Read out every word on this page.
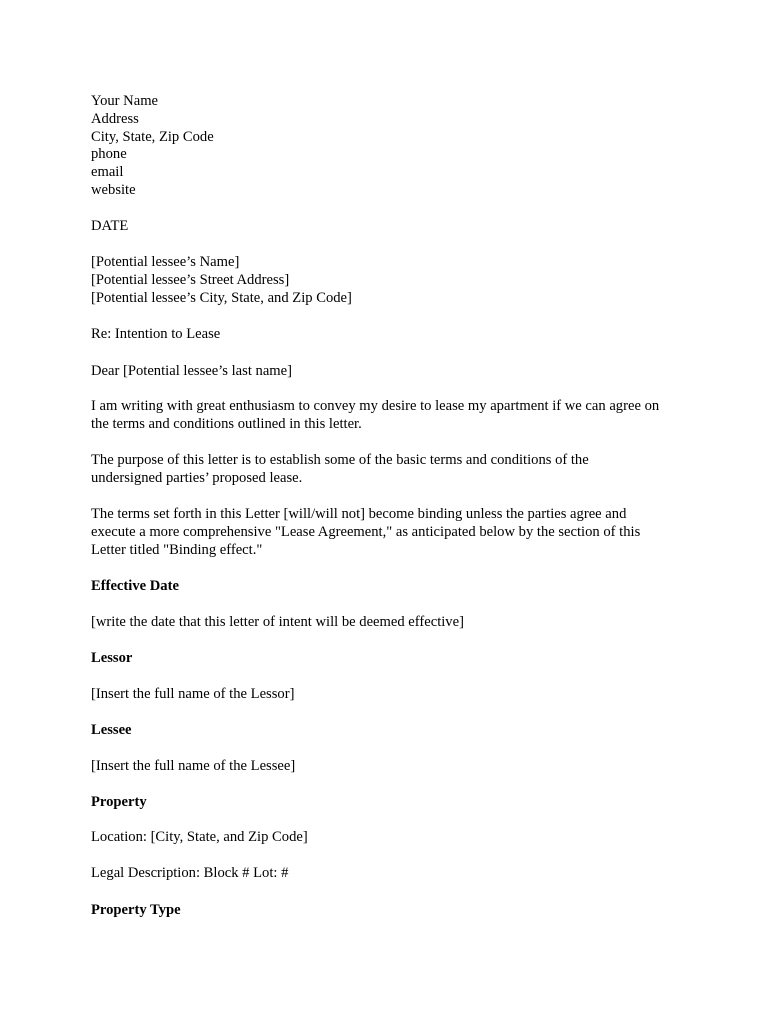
Your Name
Address
City, State, Zip Code
phone
email
website
DATE
[Potential lessee’s Name]
[Potential lessee’s Street Address]
[Potential lessee’s City, State, and Zip Code]
Re: Intention to Lease
Dear [Potential lessee’s last name]
I am writing with great enthusiasm to convey my desire to lease my apartment if we can agree on
the terms and conditions outlined in this letter.
The purpose of this letter is to establish some of the basic terms and conditions of the
undersigned parties’ proposed lease.
The terms set forth in this Letter [will/will not] become binding unless the parties agree and
execute a more comprehensive "Lease Agreement," as anticipated below by the section of this
Letter titled "Binding effect."
Effective Date
[write the date that this letter of intent will be deemed effective]
Lessor
[Insert the full name of the Lessor]
Lessee
[Insert the full name of the Lessee]
Property
Location: [City, State, and Zip Code]
Legal Description: Block # Lot: #
Property Type
